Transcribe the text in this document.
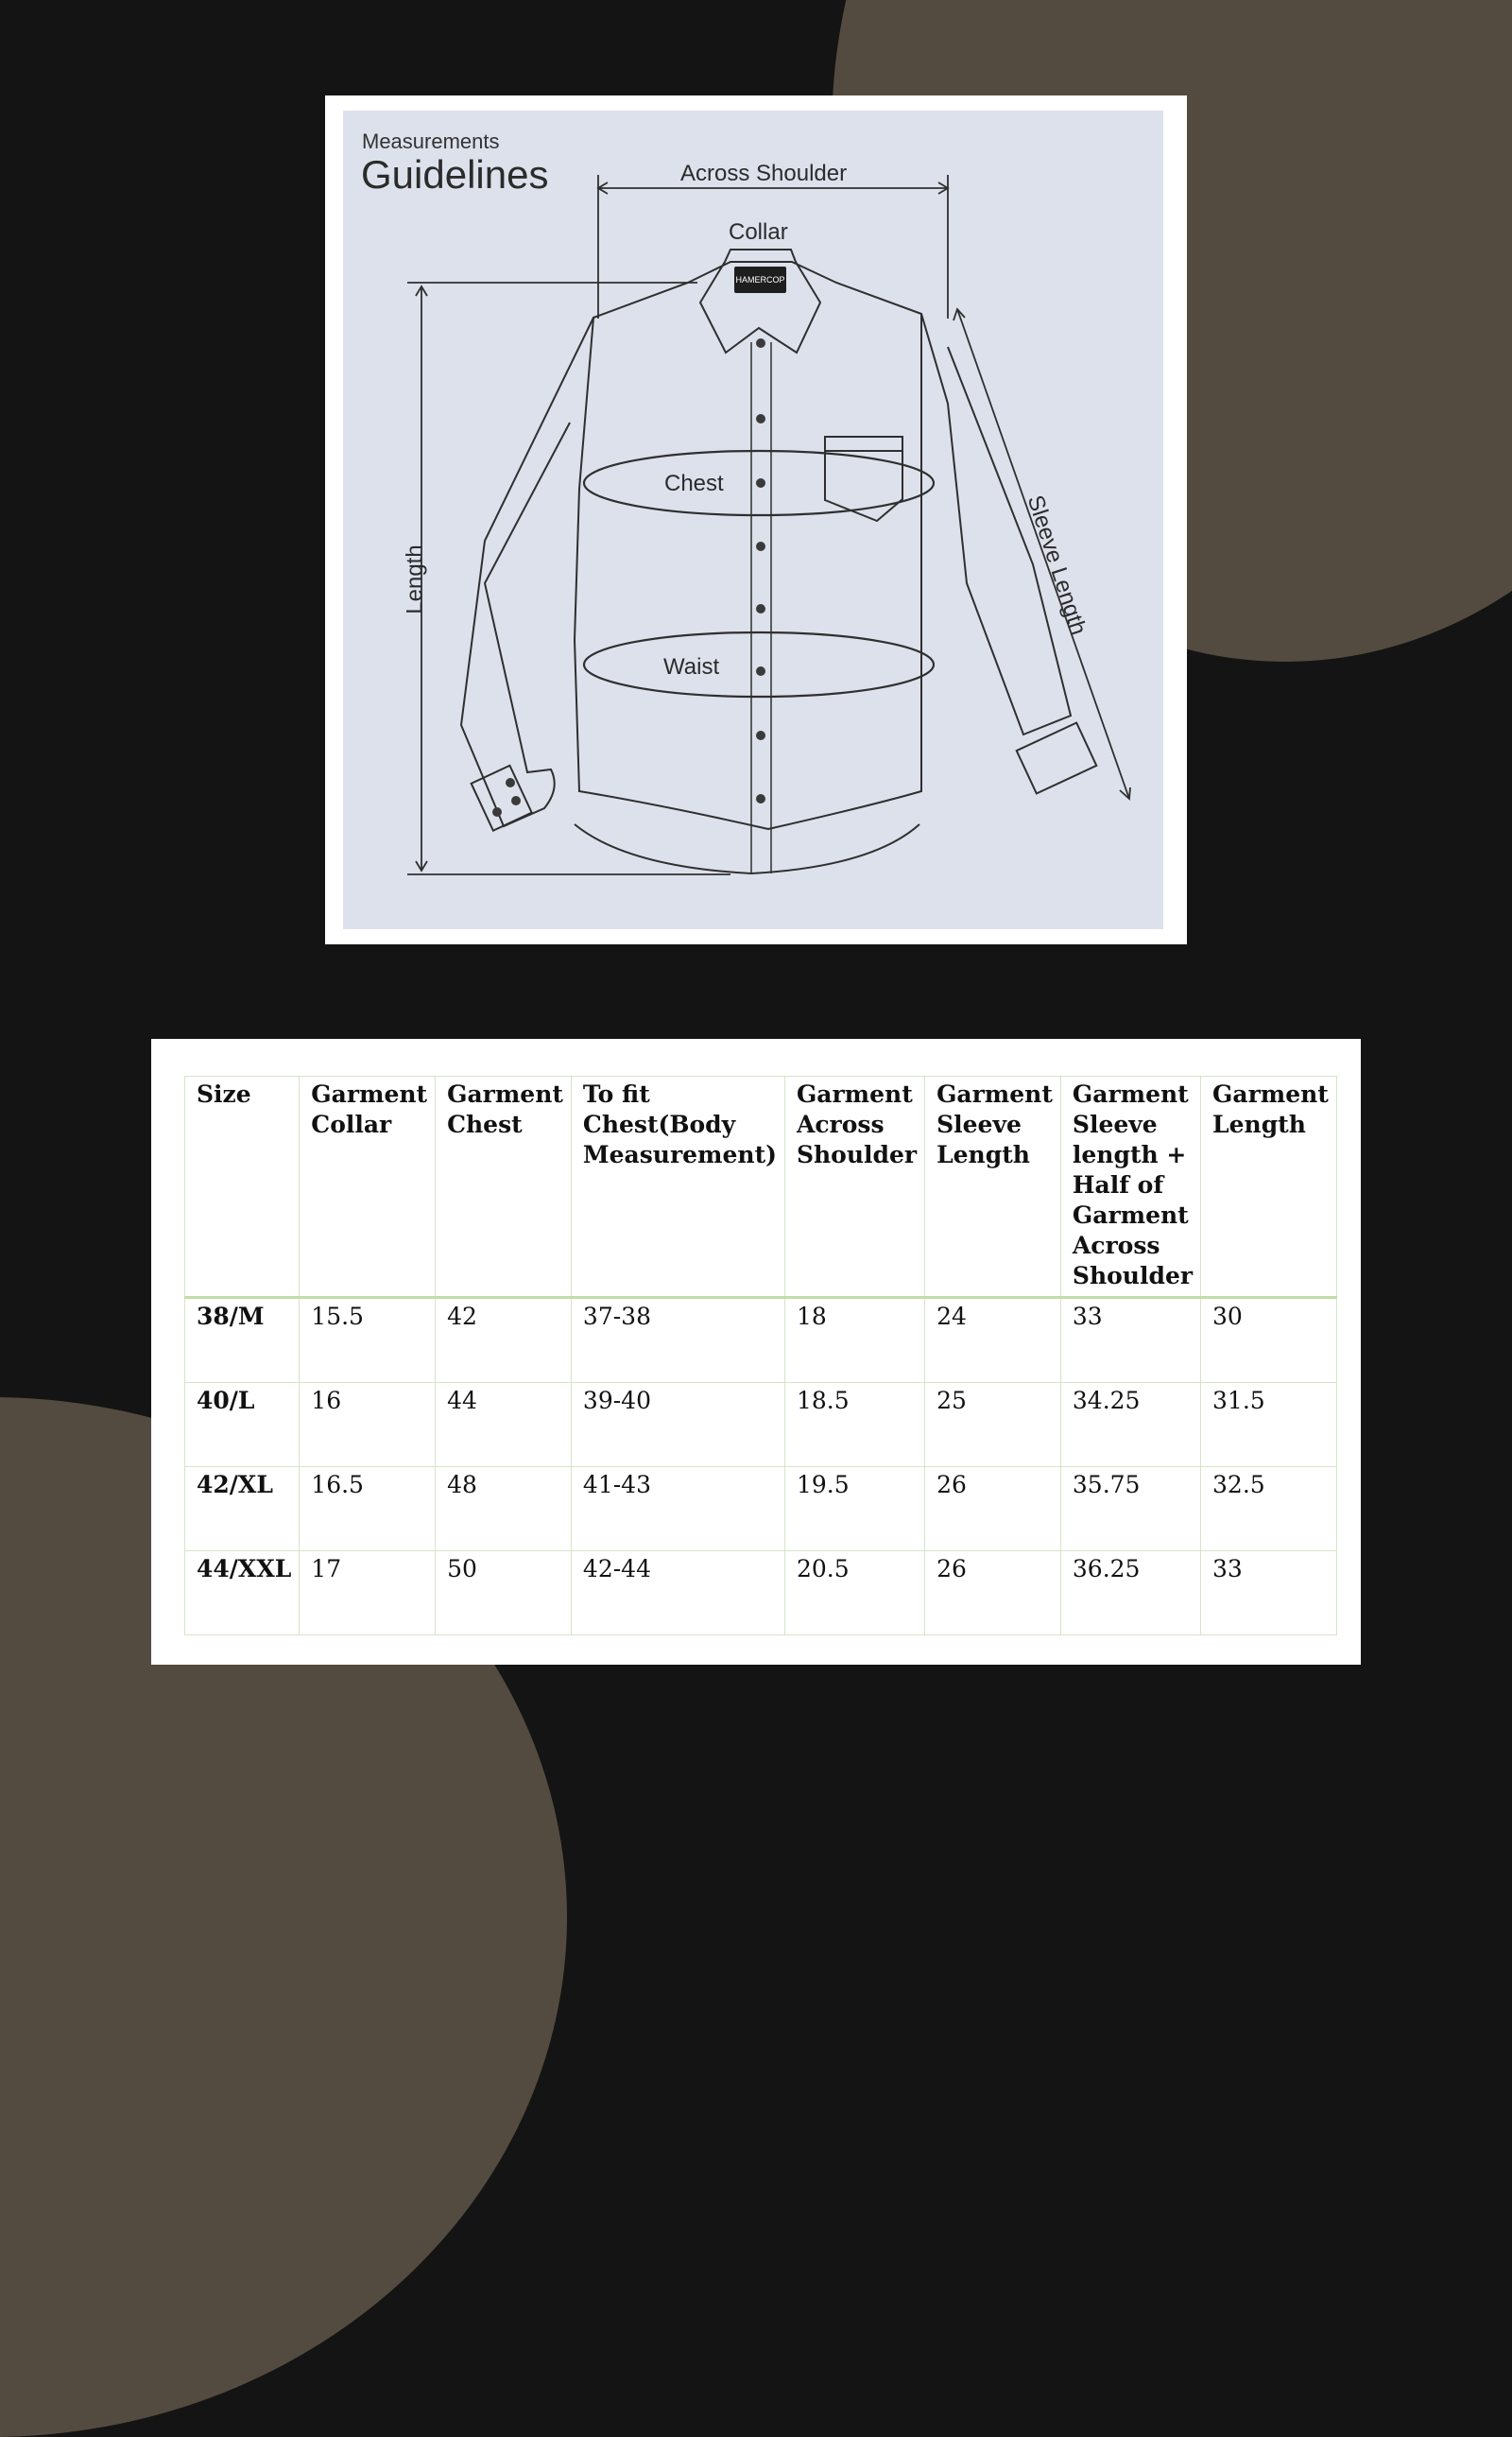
Measurements
Guidelines	Across Shoulder
Collar
HAMERCOP
Chest
Waist
Length	Sleeve Length
Size	Garment Collar	Garment Chest	To fit Chest(Body Measurement)	Garment Across Shoulder	Garment Sleeve Length	Garment Sleeve length + Half of Garment Across Shoulder	Garment Length
38/M	15.5	42	37-38	18	24	33	30
40/L	16	44	39-40	18.5	25	34.25	31.5
42/XL	16.5	48	41-43	19.5	26	35.75	32.5
44/XXL	17	50	42-44	20.5	26	36.25	33
